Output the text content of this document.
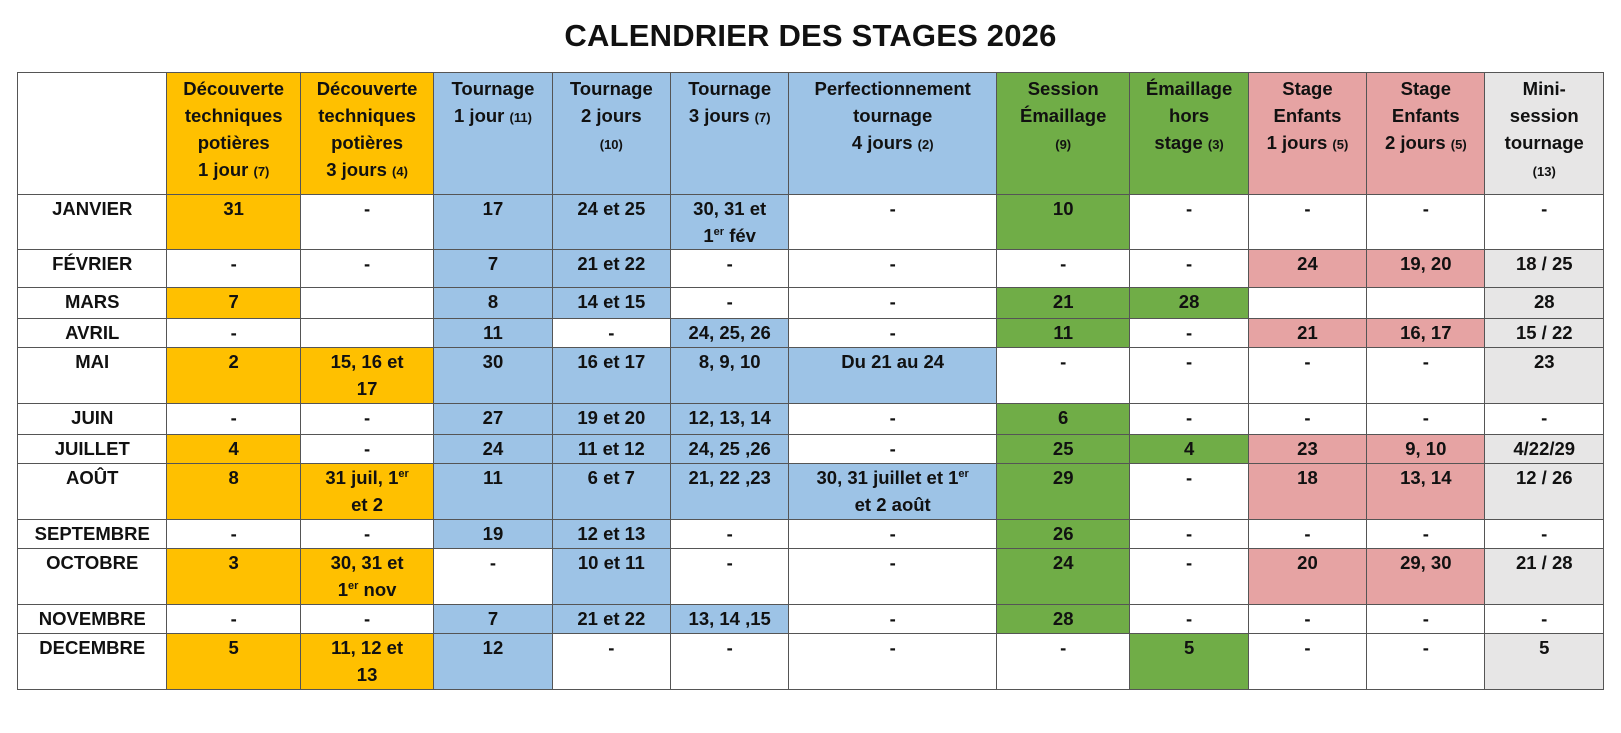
CALENDRIER DES STAGES 2026
	Découverte
techniques
potières
1 jour (7)	Découverte
techniques
potières
3 jours (4)	Tournage
1 jour (11)	Tournage
2 jours
(10)	Tournage
3 jours (7)	Perfectionnement
tournage
4 jours (2)	Session
Émaillage
(9)	Émaillage
hors
stage (3)	Stage
Enfants
1 jours (5)	Stage
Enfants
2 jours (5)	Mini-
session
tournage
(13)
JANVIER	31	-	17	24 et 25	30, 31 et
1er fév	-	10	-	-	-	-
FÉVRIER	-	-	7	21 et 22	-	-	-	-	24	19, 20	18 / 25
MARS	7		8	14 et 15	-	-	21	28			28
AVRIL	-		11	-	24, 25, 26	-	11	-	21	16, 17	15 / 22
MAI	2	15, 16 et
17	30	16 et 17	8, 9, 10	Du 21 au 24	-	-	-	-	23
JUIN	-	-	27	19 et 20	12, 13, 14	-	6	-	-	-	-
JUILLET	4	-	24	11 et 12	24, 25 ,26	-	25	4	23	9, 10	4/22/29
AOÛT	8	31 juil, 1er
et 2	11	6 et 7	21, 22 ,23	30, 31 juillet et 1er
et 2 août	29	-	18	13, 14	12 / 26
SEPTEMBRE	-	-	19	12 et 13	-	-	26	-	-	-	-
OCTOBRE	3	30, 31 et
1er nov	-	10 et 11	-	-	24	-	20	29, 30	21 / 28
NOVEMBRE	-	-	7	21 et 22	13, 14 ,15	-	28	-	-	-	-
DECEMBRE	5	11, 12 et
13	12	-	-	-	-	5	-	-	5
